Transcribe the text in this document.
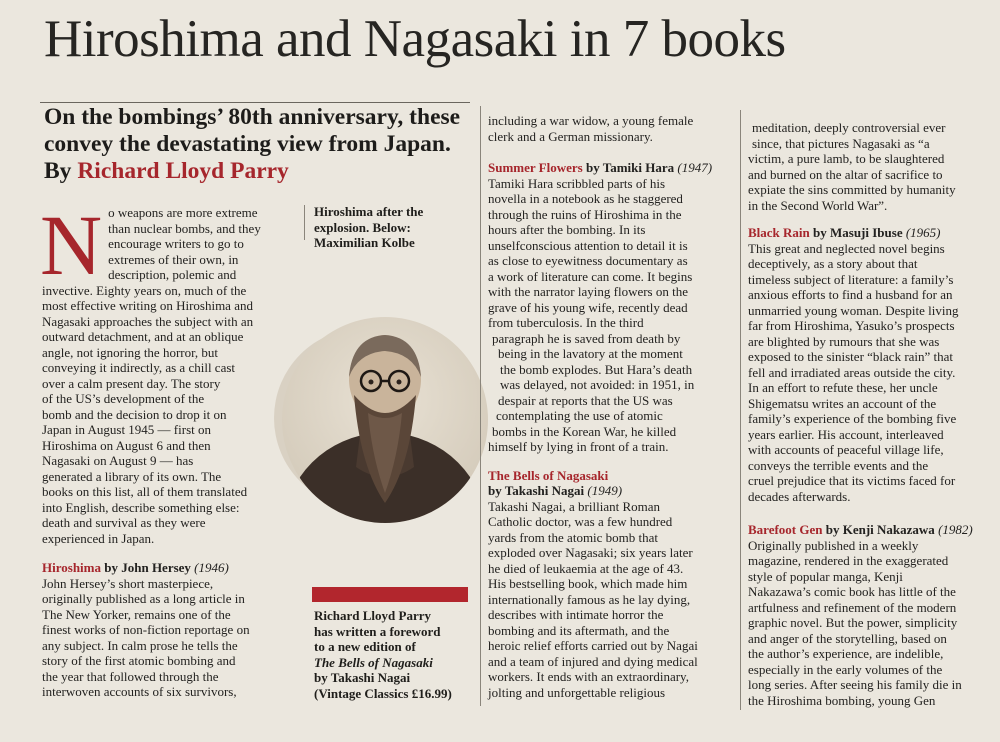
Hiroshima and Nagasaki in 7 books
On the bombings’ 80th anniversary, these convey the devastating view from Japan. By Richard Lloyd Parry
N o weapons are more extreme
than nuclear bombs, and they
encourage writers to go to
extremes of their own, in
description, polemic and
invective. Eighty years on, much of the
most effective writing on Hiroshima and
Nagasaki approaches the subject with an
outward detachment, and at an oblique
angle, not ignoring the horror, but
conveying it indirectly, as a chill cast
over a calm present day. The story
of the US’s development of the
bomb and the decision to drop it on
Japan in August 1945 — first on
Hiroshima on August 6 and then
Nagasaki on August 9 — has
generated a library of its own. The
books on this list, all of them translated
into English, describe something else:
death and survival as they were
experienced in Japan.
Hiroshima by John Hersey (1946)
John Hersey’s short masterpiece,
originally published as a long article in
The New Yorker, remains one of the
finest works of non-fiction reportage on
any subject. In calm prose he tells the
story of the first atomic bombing and
the year that followed through the
interwoven accounts of six survivors,
Hiroshima after the
explosion. Below:
Maximilian Kolbe
Richard Lloyd Parry
has written a foreword
to a new edition of
The Bells of Nagasaki
by Takashi Nagai
(Vintage Classics £16.99)
including a war widow, a young female
clerk and a German missionary.
Summer Flowers by Tamiki Hara (1947)
Tamiki Hara scribbled parts of his
novella in a notebook as he staggered
through the ruins of Hiroshima in the
hours after the bombing. In its
unselfconscious attention to detail it is
as close to eyewitness documentary as
a work of literature can come. It begins
with the narrator laying flowers on the
grave of his young wife, recently dead
from tuberculosis. In the third
paragraph he is saved from death by
being in the lavatory at the moment
the bomb explodes. But Hara’s death
was delayed, not avoided: in 1951, in
despair at reports that the US was
contemplating the use of atomic
bombs in the Korean War, he killed
himself by lying in front of a train.
The Bells of Nagasaki
by Takashi Nagai (1949)
Takashi Nagai, a brilliant Roman
Catholic doctor, was a few hundred
yards from the atomic bomb that
exploded over Nagasaki; six years later
he died of leukaemia at the age of 43.
His bestselling book, which made him
internationally famous as he lay dying,
describes with intimate horror the
bombing and its aftermath, and the
heroic relief efforts carried out by Nagai
and a team of injured and dying medical
workers. It ends with an extraordinary,
jolting and unforgettable religious
meditation, deeply controversial ever
since, that pictures Nagasaki as “a
victim, a pure lamb, to be slaughtered
and burned on the altar of sacrifice to
expiate the sins committed by humanity
in the Second World War”.
Black Rain by Masuji Ibuse (1965)
This great and neglected novel begins
deceptively, as a story about that
timeless subject of literature: a family’s
anxious efforts to find a husband for an
unmarried young woman. Despite living
far from Hiroshima, Yasuko’s prospects
are blighted by rumours that she was
exposed to the sinister “black rain” that
fell and irradiated areas outside the city.
In an effort to refute these, her uncle
Shigematsu writes an account of the
family’s experience of the bombing five
years earlier. His account, interleaved
with accounts of peaceful village life,
conveys the terrible events and the
cruel prejudice that its victims faced for
decades afterwards.
Barefoot Gen by Kenji Nakazawa (1982)
Originally published in a weekly
magazine, rendered in the exaggerated
style of popular manga, Kenji
Nakazawa’s comic book has little of the
artfulness and refinement of the modern
graphic novel. But the power, simplicity
and anger of the storytelling, based on
the author’s experience, are indelible,
especially in the early volumes of the
long series. After seeing his family die in
the Hiroshima bombing, young Gen
